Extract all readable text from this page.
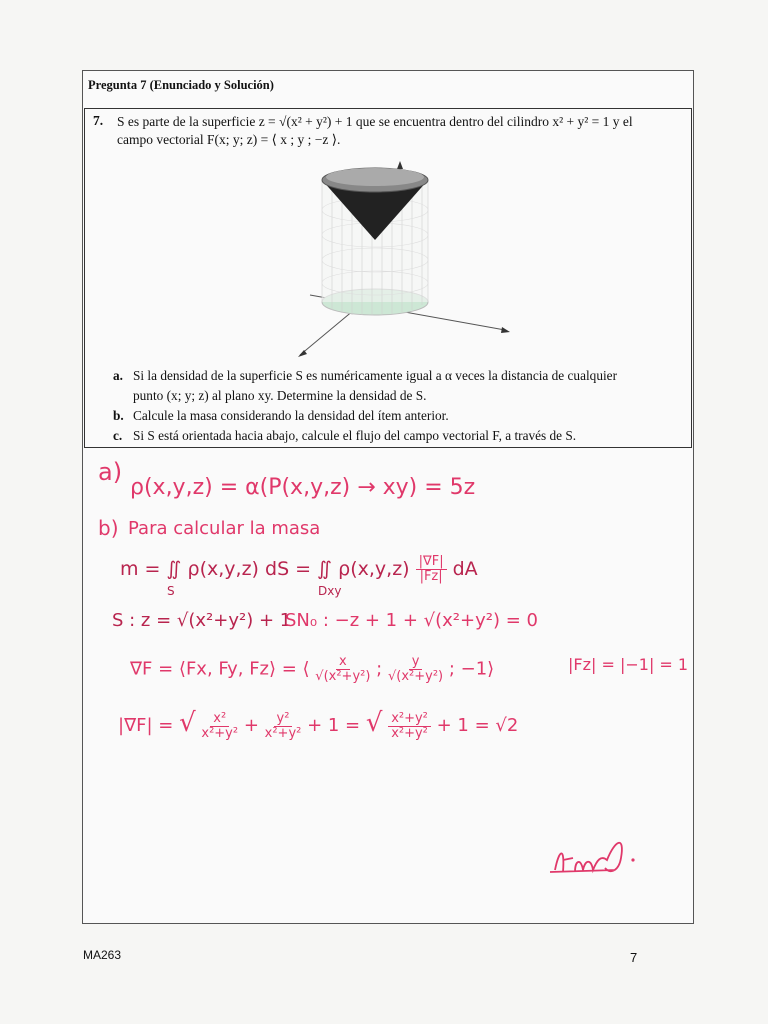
Pregunta 7 (Enunciado y Solución)
7. S es parte de la superficie z = √(x² + y²) + 1 que se encuentra dentro del cilindro x² + y² = 1 y el
campo vectorial F(x; y; z) = ⟨ x ; y ; −z ⟩.
a. Si la densidad de la superficie S es numéricamente igual a α veces la distancia de cualquier
punto (x; y; z) al plano xy. Determine la densidad de S.
b. Calcule la masa considerando la densidad del ítem anterior.
c. Si S está orientada hacia abajo, calcule el flujo del campo vectorial F, a través de S.
a)
ρ(x,y,z) = α(P(x,y,z) → xy) = 5z
b) Para calcular la masa
m = ∬ ρ(x,y,z) dS = ∬ $\rho(x,y,z) \frac{|\nabla F|}{|Fz|}$ dA
S	Dxy
S : z = √(x²+y²) + 1
SN₀ : −z + 1 + √(x²+y²) = 0
∇F = ⟨Fx, Fy, Fz⟩ = ⟨ $\frac{x}{\text{√(x²+y²)}}$ ; $\frac{y}{\text{√(x²+y²)}}$ ; −1⟩	|Fz| = |−1| = 1
|∇F| = √ $\frac{\text{x²}}{\text{x²+y²}} + \frac{\text{y²}}{\text{x²+y²}} + 1$ = √ $\frac{\text{x²+y²}}{\text{x²+y²}} + 1 = √2$
MA263	7
